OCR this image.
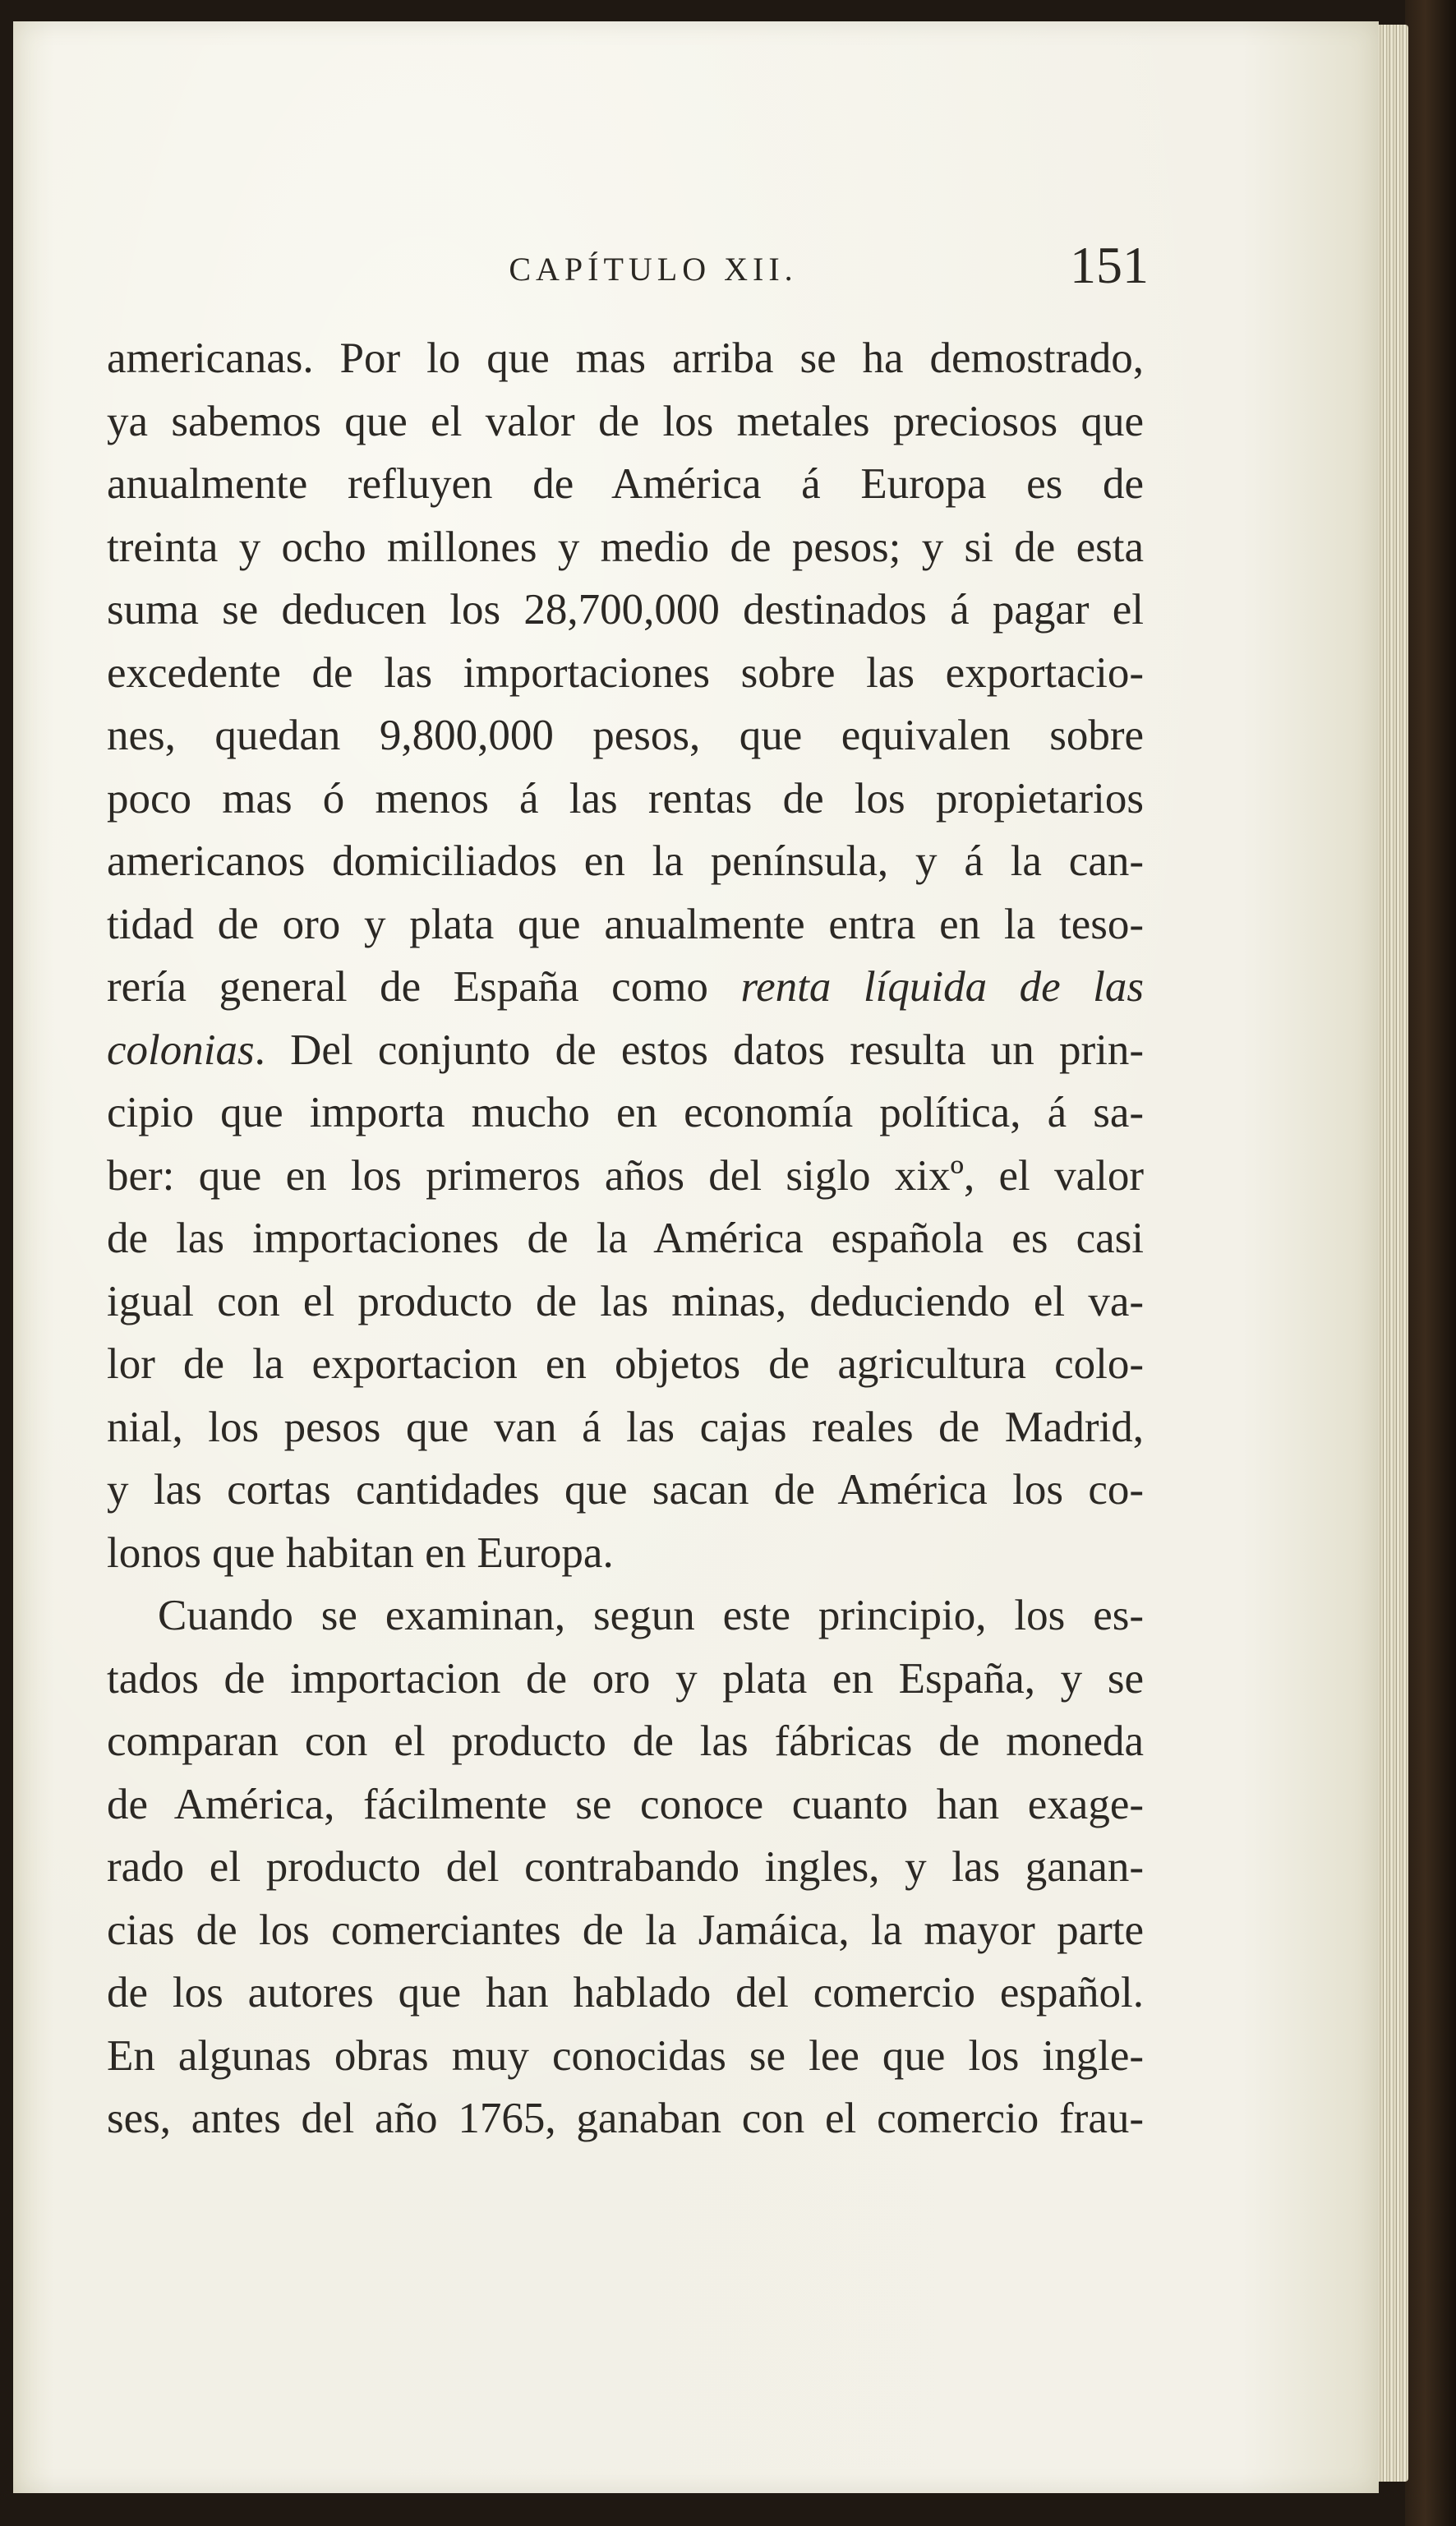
CAPÍTULO XII.	151
americanas. Por lo que mas arriba se ha demostrado,
ya sabemos que el valor de los metales preciosos que
anualmente refluyen de América á Europa es de
treinta y ocho millones y medio de pesos; y si de esta
suma se deducen los 28,700,000 destinados á pagar el
excedente de las importaciones sobre las exportacio-
nes, quedan 9,800,000 pesos, que equivalen sobre
poco mas ó menos á las rentas de los propietarios
americanos domiciliados en la península, y á la can-
tidad de oro y plata que anualmente entra en la teso-
rería general de España como renta líquida de las
colonias. Del conjunto de estos datos resulta un prin-
cipio que importa mucho en economía política, á sa-
ber: que en los primeros años del siglo xixº, el valor
de las importaciones de la América española es casi
igual con el producto de las minas, deduciendo el va-
lor de la exportacion en objetos de agricultura colo-
nial, los pesos que van á las cajas reales de Madrid,
y las cortas cantidades que sacan de América los co-
lonos que habitan en Europa.
Cuando se examinan, segun este principio, los es-
tados de importacion de oro y plata en España, y se
comparan con el producto de las fábricas de moneda
de América, fácilmente se conoce cuanto han exage-
rado el producto del contrabando ingles, y las ganan-
cias de los comerciantes de la Jamáica, la mayor parte
de los autores que han hablado del comercio español.
En algunas obras muy conocidas se lee que los ingle-
ses, antes del año 1765, ganaban con el comercio frau-
